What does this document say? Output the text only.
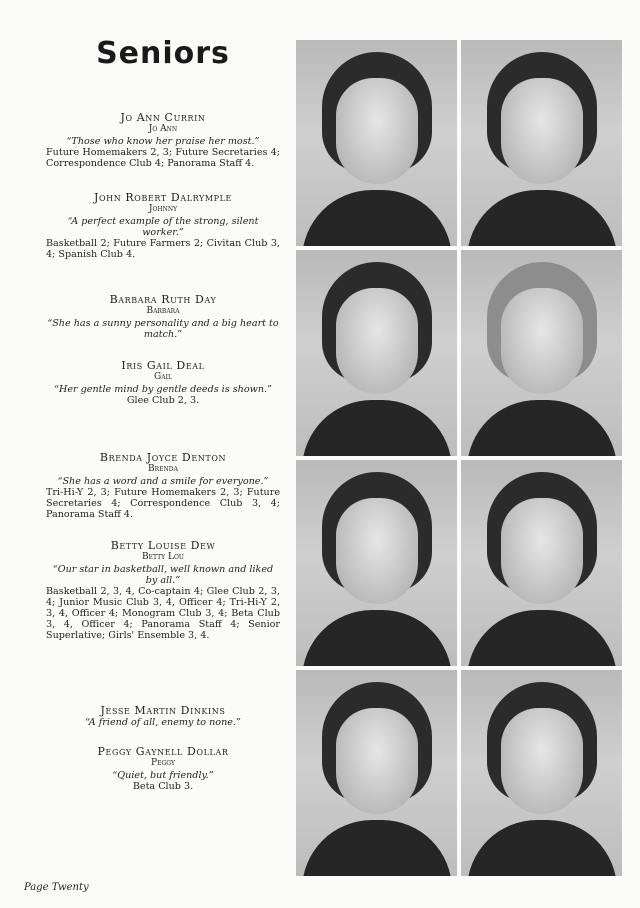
Seniors
Jo Ann Currin
Jo Ann
“Those who know her praise her most.”
Future Homemakers 2, 3; Future Secretaries 4; Correspondence Club 4; Panorama Staff 4.
John Robert Dalrymple
Johnny
“A perfect example of the strong, silent worker.”
Basketball 2; Future Farmers 2; Civitan Club 3, 4; Spanish Club 4.
Barbara Ruth Day
Barbara
“She has a sunny personality and a big heart to match.”
Iris Gail Deal
Gail
“Her gentle mind by gentle deeds is shown.”
Glee Club 2, 3.
Brenda Joyce Denton
Brenda
“She has a word and a smile for everyone.”
Tri-Hi-Y 2, 3; Future Homemakers 2, 3; Future Secretaries 4; Correspondence Club 3, 4; Panorama Staff 4.
Betty Louise Dew
Betty Lou
“Our star in basketball, well known and liked by all.”
Basketball 2, 3, 4, Co-captain 4; Glee Club 2, 3, 4; Junior Music Club 3, 4, Officer 4; Tri-Hi-Y 2, 3, 4, Officer 4; Monogram Club 3, 4; Beta Club 3, 4, Officer 4; Panorama Staff 4; Senior Superlative; Girls' Ensemble 3, 4.
Jesse Martin Dinkins
“A friend of all, enemy to none.”
Peggy Gaynell Dollar
Peggy
“Quiet, but friendly.”
Beta Club 3.
Page Twenty
